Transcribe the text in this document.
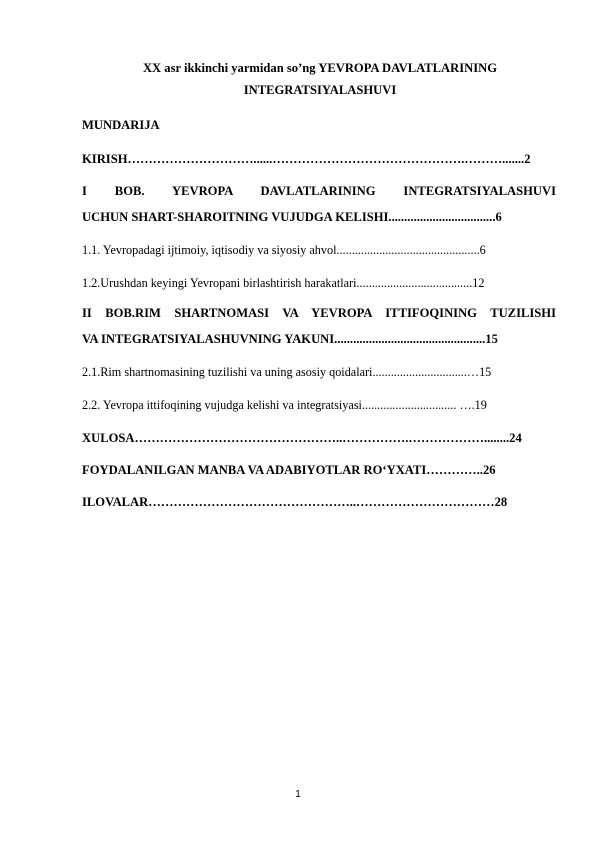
XX asr ikkinchi yarmidan so’ng YEVROPA DAVLATLARINING
INTEGRATSIYALASHUVI
MUNDARIJA
KIRISH…………………………......……………………………………….……….......2
I BOB. YEVROPA DAVLATLARINING INTEGRATSIYALASHUVI
UCHUN SHART-SHAROITNING VUJUDGA KELISHI..................................6
1.1. Yevropadagi ijtimoiy, iqtisodiy va siyosiy ahvol...............................................6
1.2.Urushdan keyingi Yevropani birlashtirish harakatlari......................................12
II BOB.RIM SHARTNOMASI VA YEVROPA ITTIFOQINING TUZILISHI
VA INTEGRATSIYALASHUVNING YAKUNI................................................15
2.1.Rim shartnomasining tuzilishi va uning asosiy qoidalari...............................…15
2.2. Yevropa ittifoqining vujudga kelishi va integratsiyasi............................... ….19
XULOSA…………………………………………..…………….………………........24
FOYDALANILGAN MANBA VA ADABIYOTLAR RO‘YXATI…………..26
ILOVALAR…………………………………………..……………………………28
1
